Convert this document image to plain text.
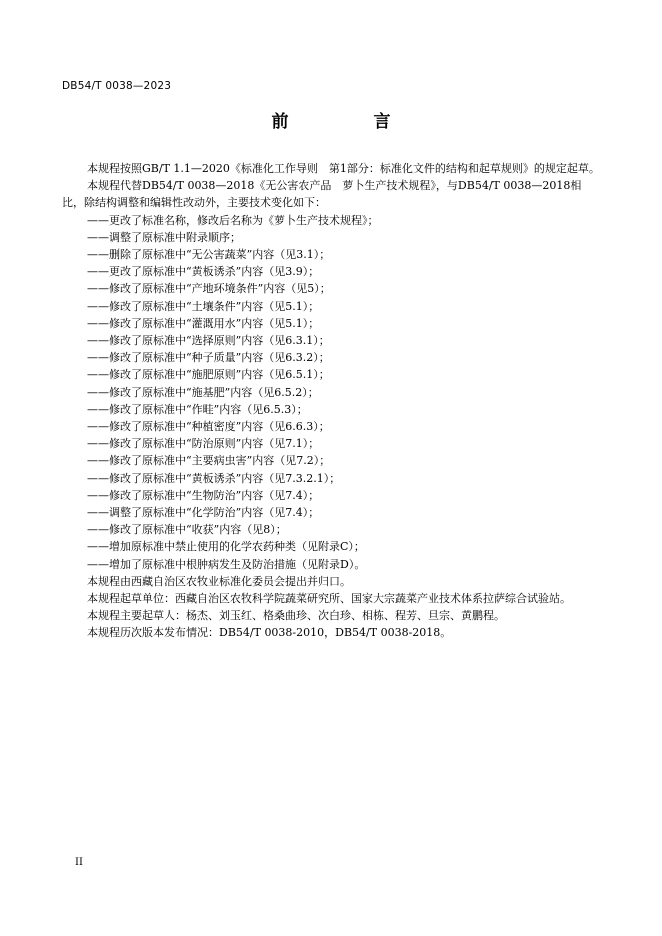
DB54/T 0038—2023
前　言

本规程按照GB/T 1.1—2020《标准化工作导则　第1部分：标准化文件的结构和起草规则》的规定起草。

本规程代替DB54/T 0038—2018《无公害农产品　萝卜生产技术规程》，与DB54/T 0038—2018相比，除结构调整和编辑性改动外，主要技术变化如下：

——更改了标准名称，修改后名称为《萝卜生产技术规程》；
——调整了原标准中附录顺序；
——删除了原标准中“无公害蔬菜”内容（见3.1）；
——更改了原标准中“黄板诱杀”内容（见3.9）；
——修改了原标准中“产地环境条件”内容（见5）；
——修改了原标准中“土壤条件”内容（见5.1）；
——修改了原标准中“灌溉用水”内容（见5.1）；
——修改了原标准中“选择原则”内容（见6.3.1）；
——修改了原标准中“种子质量”内容（见6.3.2）；
——修改了原标准中“施肥原则”内容（见6.5.1）；
——修改了原标准中“施基肥”内容（见6.5.2）；
——修改了原标准中“作畦”内容（见6.5.3）；
——修改了原标准中“种植密度”内容（见6.6.3）；
——修改了原标准中“防治原则”内容（见7.1）；
——修改了原标准中“主要病虫害”内容（见7.2）；
——修改了原标准中“黄板诱杀”内容（见7.3.2.1）；
——修改了原标准中“生物防治”内容（见7.4）；
——调整了原标准中“化学防治”内容（见7.4）；
——修改了原标准中“收获”内容（见8）；
——增加原标准中禁止使用的化学农药种类（见附录C）；
——增加了原标准中根肿病发生及防治措施（见附录D）。

本规程由西藏自治区农牧业标准化委员会提出并归口。

本规程起草单位：西藏自治区农牧科学院蔬菜研究所、国家大宗蔬菜产业技术体系拉萨综合试验站。

本规程主要起草人：杨杰、刘玉红、格桑曲珍、次白珍、相栋、程芳、旦宗、黄鹏程。

本规程历次版本发布情况：DB54/T 0038-2010，DB54/T 0038-2018。

II
